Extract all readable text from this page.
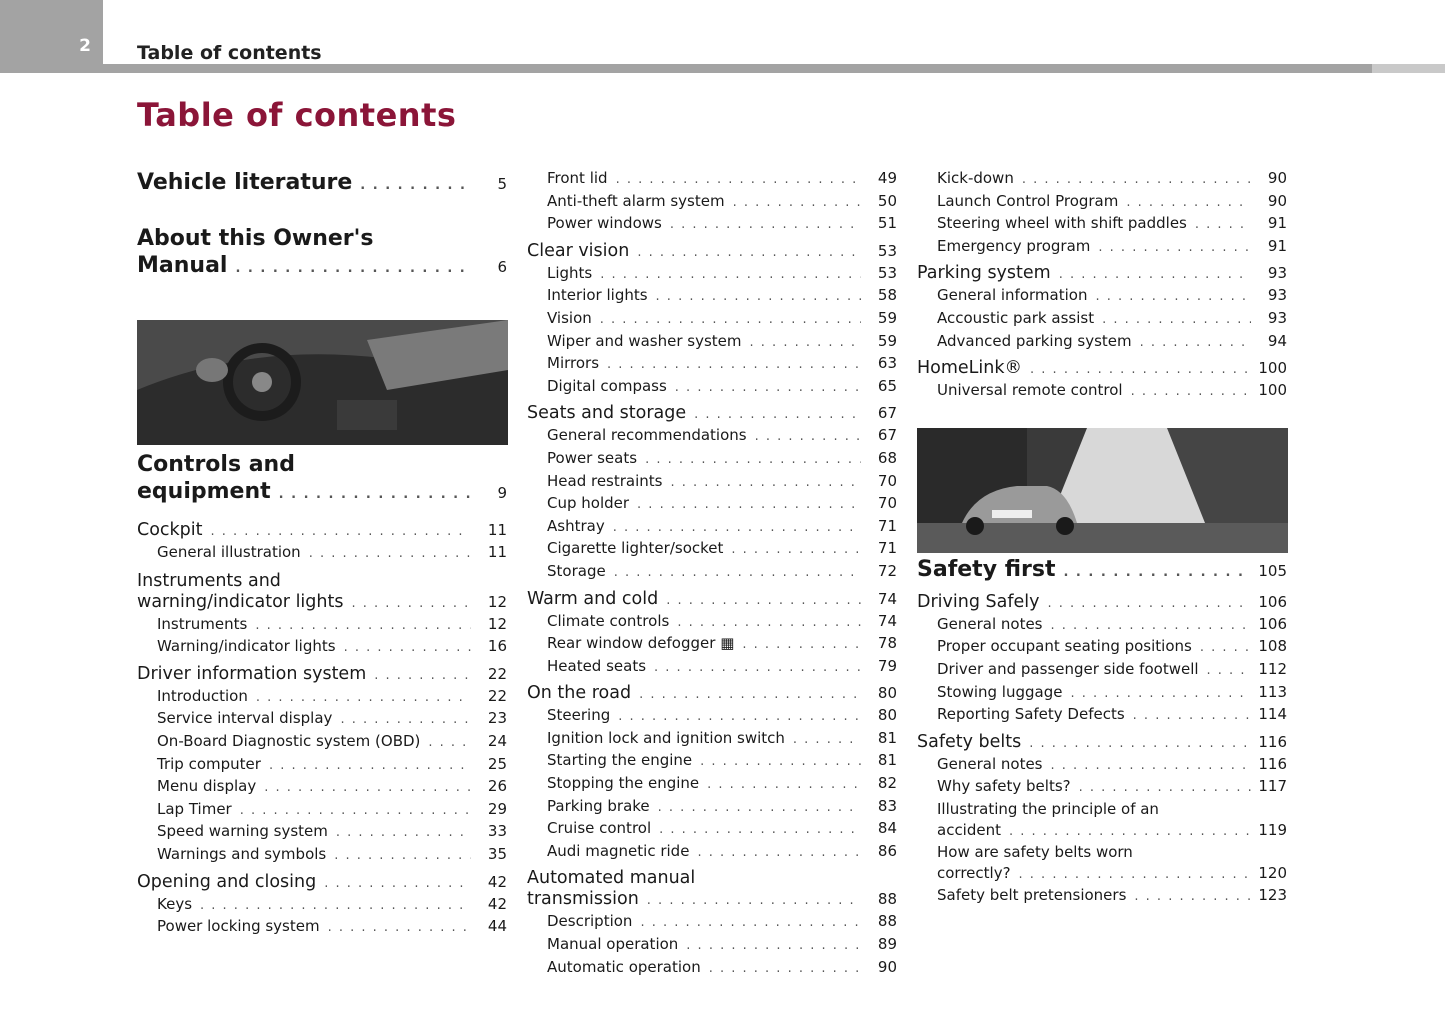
2 Table of contents
Table of contents
Vehicle literature . . .	5
About this Owner's
Manual . . .	6
Controls and
equipment . . .	9
Cockpit . . .	11
General illustration . . .	11
Instruments and
warning/indicator lights . . .	12
Instruments . . .	12
Warning/indicator lights . . .	16
Driver information system . . .	22
Introduction . . .	22
Service interval display . . .	23
On-Board Diagnostic system (OBD) . . .	24
Trip computer . . .	25
Menu display . . .	26
Lap Timer . . .	29
Speed warning system . . .	33
Warnings and symbols . . .	35
Opening and closing . . .	42
Keys . . .	42
Power locking system . . .	44
Front lid . . .	49
Anti-theft alarm system . . .	50
Power windows . . .	51
Clear vision . . .	53
Lights . . .	53
Interior lights . . .	58
Vision . . .	59
Wiper and washer system . . .	59
Mirrors . . .	63
Digital compass . . .	65
Seats and storage . . .	67
General recommendations . . .	67
Power seats . . .	68
Head restraints . . .	70
Cup holder . . .	70
Ashtray . . .	71
Cigarette lighter/socket . . .	71
Storage . . .	72
Warm and cold . . .	74
Climate controls . . .	74
Rear window defogger ▦ . . .	78
Heated seats . . .	79
On the road . . .	80
Steering . . .	80
Ignition lock and ignition switch . . .	81
Starting the engine . . .	81
Stopping the engine . . .	82
Parking brake . . .	83
Cruise control . . .	84
Audi magnetic ride . . .	86
Automated manual
transmission . . .	88
Description . . .	88
Manual operation . . .	89
Automatic operation . . .	90
Kick-down . . .	90
Launch Control Program . . .	90
Steering wheel with shift paddles . . .	91
Emergency program . . .	91
Parking system . . .	93
General information . . .	93
Accoustic park assist . . .	93
Advanced parking system . . .	94
HomeLink® . . .	100
Universal remote control . . .	100
Safety first . . .	105
Driving Safely . . .	106
General notes . . .	106
Proper occupant seating positions . . .	108
Driver and passenger side footwell . . .	112
Stowing luggage . . .	113
Reporting Safety Defects . . .	114
Safety belts . . .	116
General notes . . .	116
Why safety belts? . . .	117
Illustrating the principle of an
accident . . .	119
How are safety belts worn
correctly? . . .	120
Safety belt pretensioners . . .	123
